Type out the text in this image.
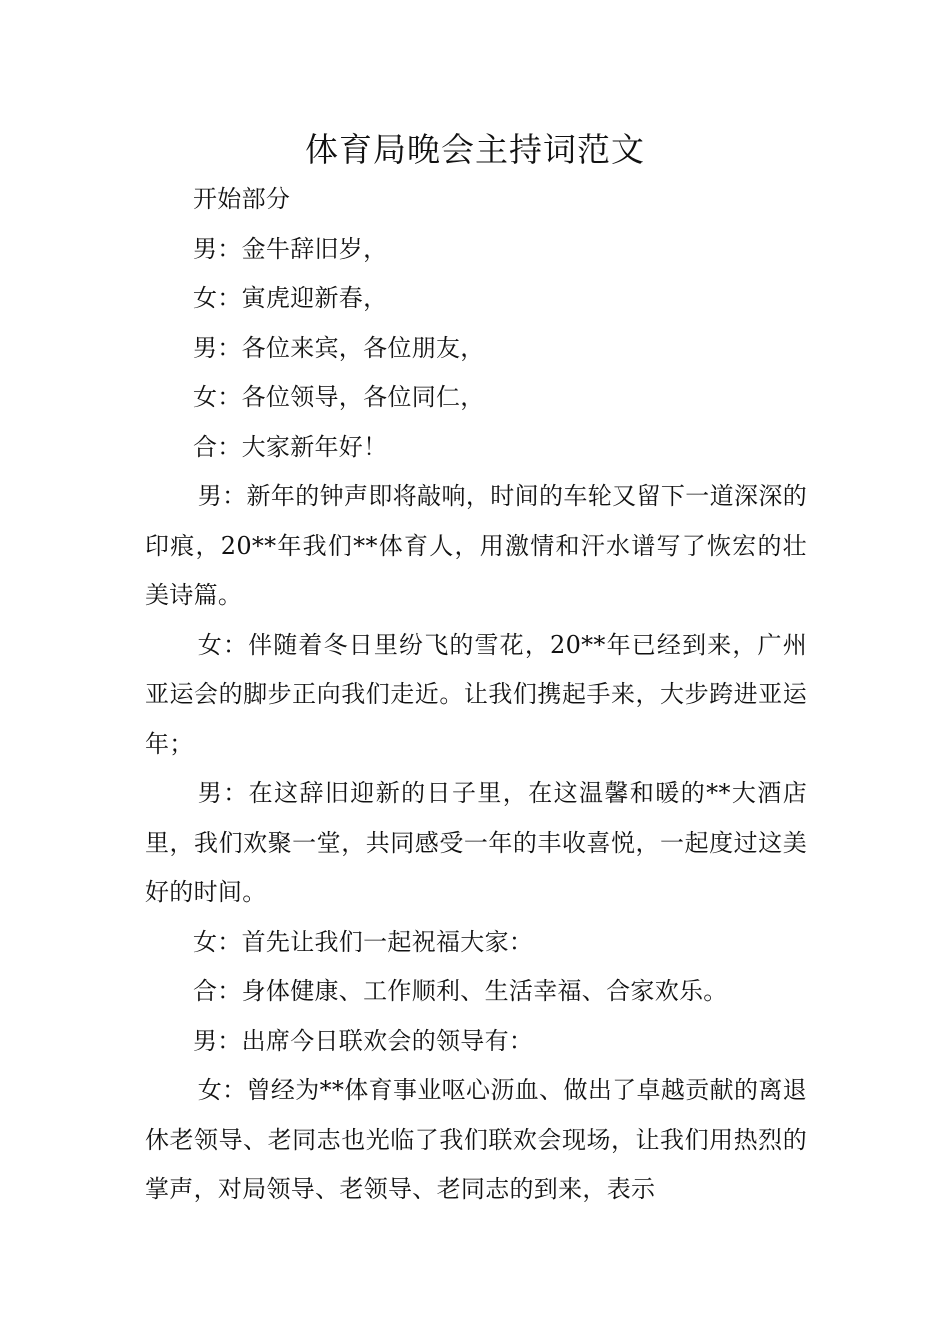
体育局晚会主持词范文

开始部分

男：金牛辞旧岁，

女：寅虎迎新春，

男：各位来宾，各位朋友，

女：各位领导，各位同仁，

合：大家新年好！

男：新年的钟声即将敲响，时间的车轮又留下一道深深的印痕，20**年我们**体育人，用激情和汗水谱写了恢宏的壮美诗篇。

女：伴随着冬日里纷飞的雪花，20**年已经到来，广州亚运会的脚步正向我们走近。让我们携起手来，大步跨进亚运年；

男：在这辞旧迎新的日子里，在这温馨和暖的**大酒店里，我们欢聚一堂，共同感受一年的丰收喜悦，一起度过这美好的时间。

女：首先让我们一起祝福大家：

合：身体健康、工作顺利、生活幸福、合家欢乐。

男：出席今日联欢会的领导有：

女：曾经为**体育事业呕心沥血、做出了卓越贡献的离退休老领导、老同志也光临了我们联欢会现场，让我们用热烈的掌声，对局领导、老领导、老同志的到来，表示
